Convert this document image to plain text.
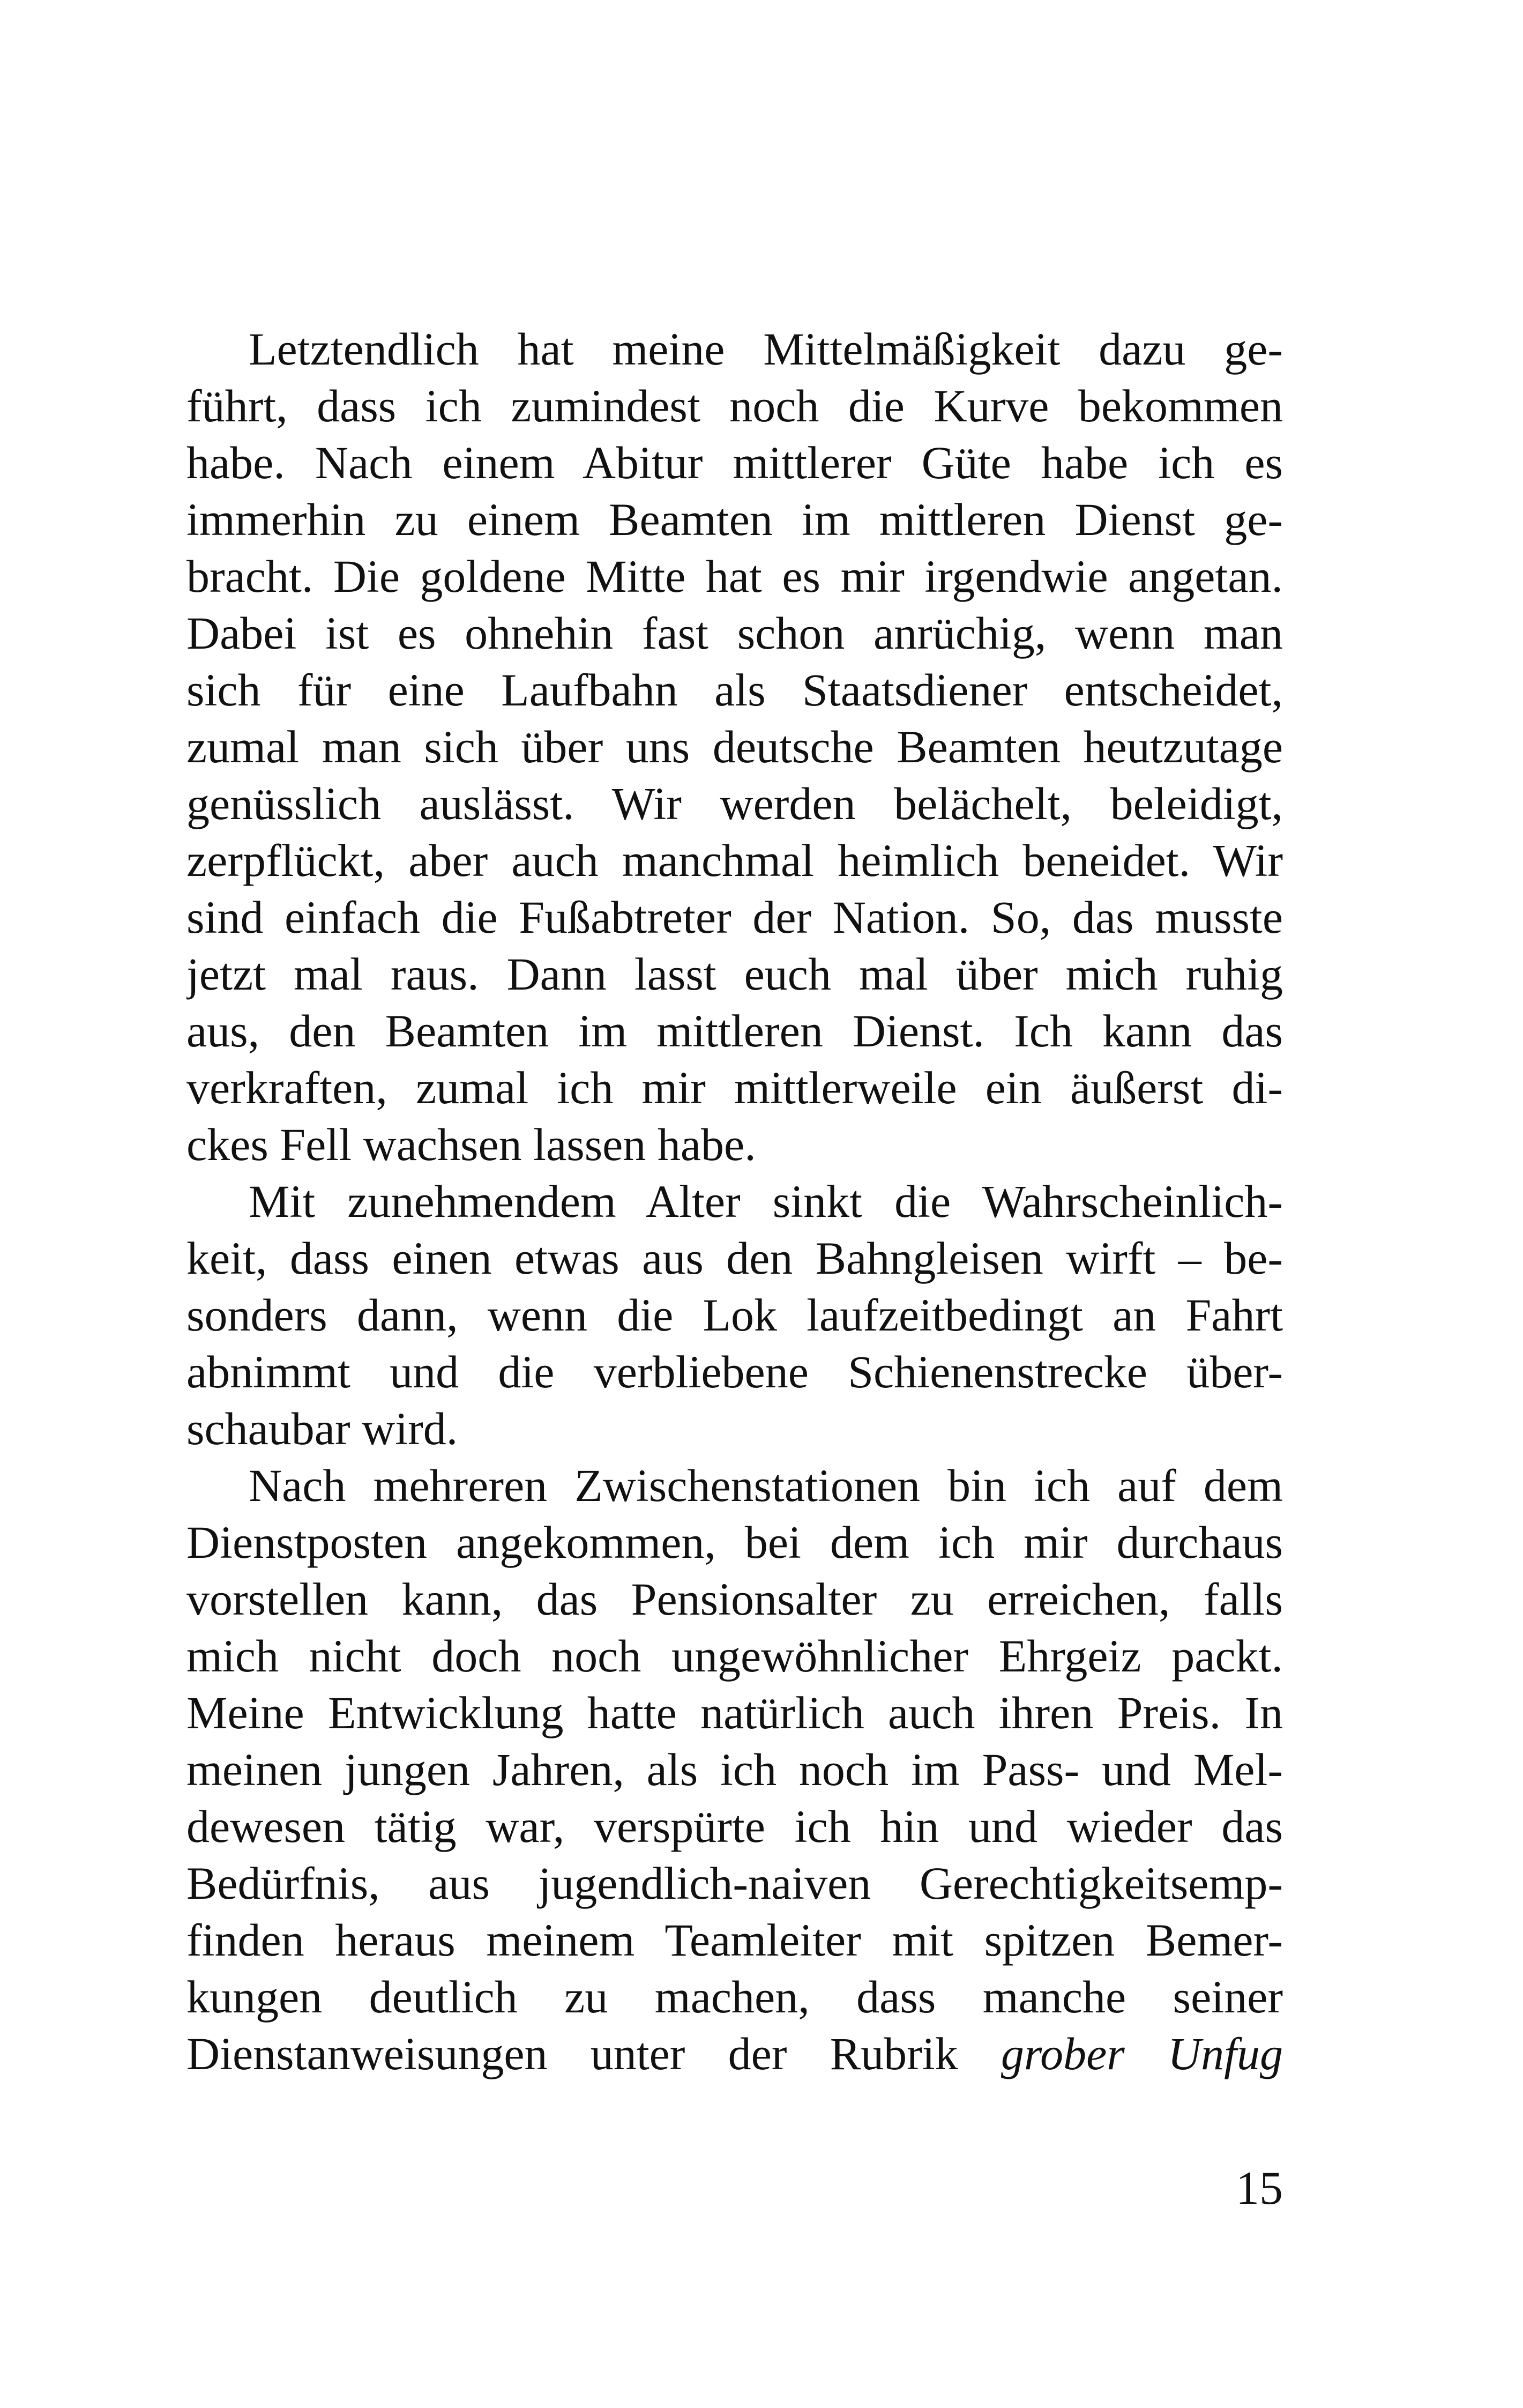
Letztendlich hat meine Mittelmäßigkeit dazu ge-
führt, dass ich zumindest noch die Kurve bekommen
habe. Nach einem Abitur mittlerer Güte habe ich es
immerhin zu einem Beamten im mittleren Dienst ge-
bracht. Die goldene Mitte hat es mir irgendwie angetan.
Dabei ist es ohnehin fast schon anrüchig, wenn man
sich für eine Laufbahn als Staatsdiener entscheidet,
zumal man sich über uns deutsche Beamten heutzutage
genüsslich auslässt. Wir werden belächelt, beleidigt,
zerpflückt, aber auch manchmal heimlich beneidet. Wir
sind einfach die Fußabtreter der Nation. So, das musste
jetzt mal raus. Dann lasst euch mal über mich ruhig
aus, den Beamten im mittleren Dienst. Ich kann das
verkraften, zumal ich mir mittlerweile ein äußerst di-
ckes Fell wachsen lassen habe.
Mit zunehmendem Alter sinkt die Wahrscheinlich-
keit, dass einen etwas aus den Bahngleisen wirft – be-
sonders dann, wenn die Lok laufzeitbedingt an Fahrt
abnimmt und die verbliebene Schienenstrecke über-
schaubar wird.
Nach mehreren Zwischenstationen bin ich auf dem
Dienstposten angekommen, bei dem ich mir durchaus
vorstellen kann, das Pensionsalter zu erreichen, falls
mich nicht doch noch ungewöhnlicher Ehrgeiz packt.
Meine Entwicklung hatte natürlich auch ihren Preis. In
meinen jungen Jahren, als ich noch im Pass- und Mel-
dewesen tätig war, verspürte ich hin und wieder das
Bedürfnis, aus jugendlich-naiven Gerechtigkeitsemp-
finden heraus meinem Teamleiter mit spitzen Bemer-
kungen deutlich zu machen, dass manche seiner
Dienstanweisungen unter der Rubrik grober Unfug
15
